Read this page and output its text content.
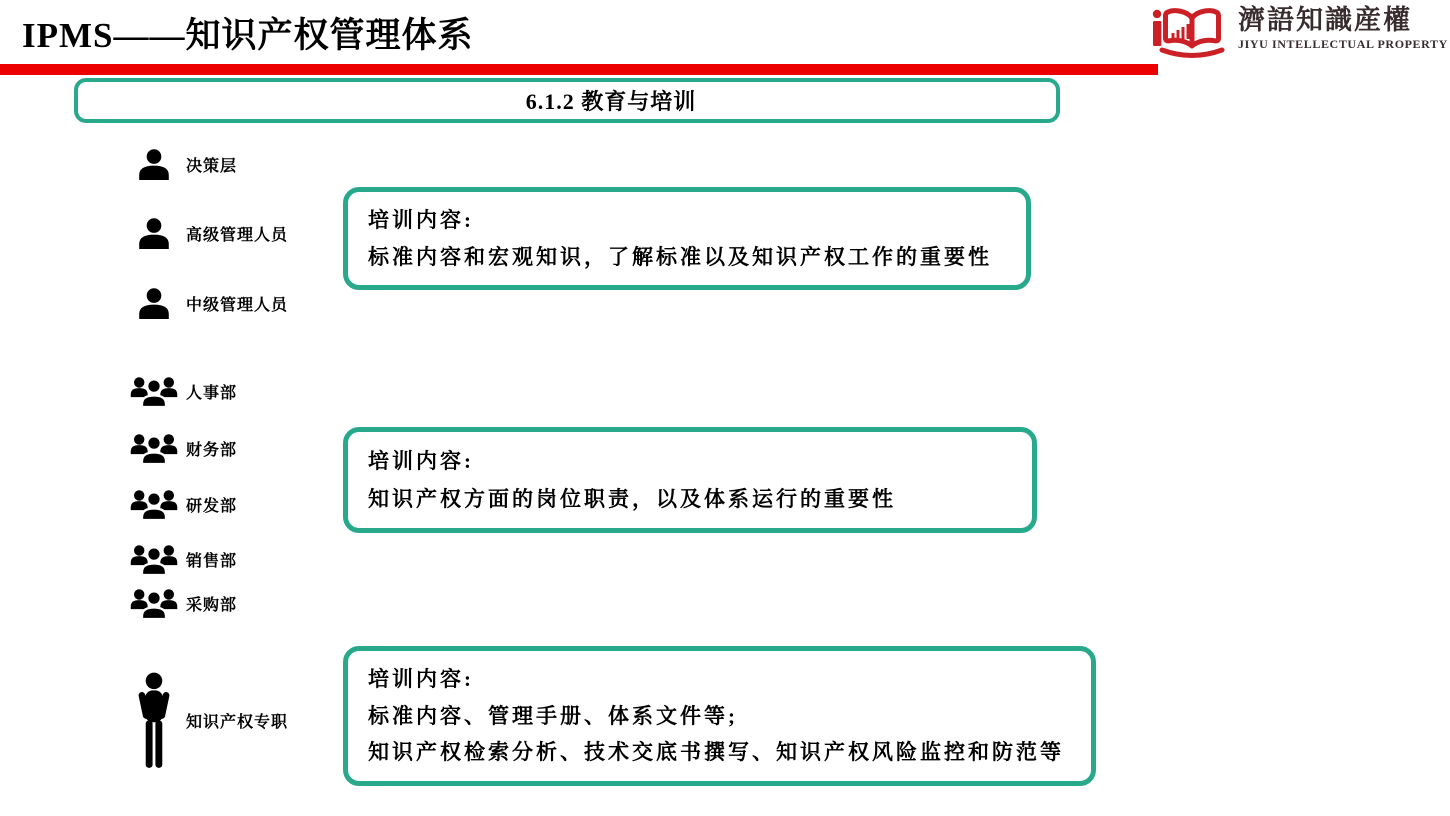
IPMS——知识产权管理体系	濟語知識産權
JIYU INTELLECTUAL PROPERTY
6.1.2 教育与培训
决策层
高级管理人员
中级管理人员
人事部
财务部
研发部
销售部
采购部
知识产权专职
培训内容:
标准内容和宏观知识，了解标准以及知识产权工作的重要性
培训内容:
知识产权方面的岗位职责，以及体系运行的重要性
培训内容:
标准内容、管理手册、体系文件等;
知识产权检索分析、技术交底书撰写、知识产权风险监控和防范等
